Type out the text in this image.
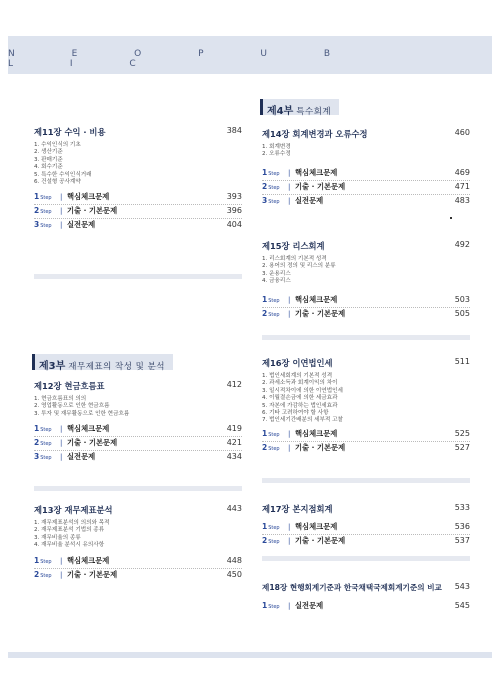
N E O P U B L I C
제4부 특수회계
제3부 재무제표의 작성 및 분석
제11장 수익 · 비용	384
1. 수익인식의 기초
2. 생산기준
3. 판매기준
4. 회수기준
5. 특수한 수익인식거래
6. 건설형 공사계약
1Step | 핵심체크문제	393
2Step | 기출 · 기본문제	396
3Step | 실전문제	404
제12장 현금흐름표	412
1. 현금흐름표의 의의
2. 영업활동으로 인한 현금흐름
3. 투자 및 재무활동으로 인한 현금흐름
1Step | 핵심체크문제	419
2Step | 기출 · 기본문제	421
3Step | 실전문제	434
제13장 재무제표분석	443
1. 재무제표분석의 의의와 목적
2. 재무제표분석 기법의 종류
3. 재무비율의 종류
4. 재무비율 분석시 유의사항
1Step | 핵심체크문제	448
2Step | 기출 · 기본문제	450
제14장 회계변경과 오류수정	460
1. 회계변경
2. 오류수정
1Step | 핵심체크문제	469
2Step | 기출 · 기본문제	471
3Step | 실전문제	483
제15장 리스회계	492
1. 리스회계의 기본적 성격
2. 용어의 정의 및 리스의 분류
3. 운용리스
4. 금융리스
1Step | 핵심체크문제	503
2Step | 기출 · 기본문제	505
제16장 이연법인세	511
1. 법인세회계의 기본적 성격
2. 과세소득과 회계이익의 차이
3. 일시적차이에 의한 이연법인세
4. 이월결손금에 의한 세금효과
5. 자본에 가감하는 법인세효과
6. 기타 고려하여야 할 사항
7. 법인세기간배분의 세부적 고찰
1Step | 핵심체크문제	525
2Step | 기출 · 기본문제	527
제17장 본지점회계	533
1Step | 핵심체크문제	536
2Step | 기출 · 기본문제	537
제18장 현행회계기준과 한국채택국제회계기준의 비교 543
1Step | 실전문제	545
